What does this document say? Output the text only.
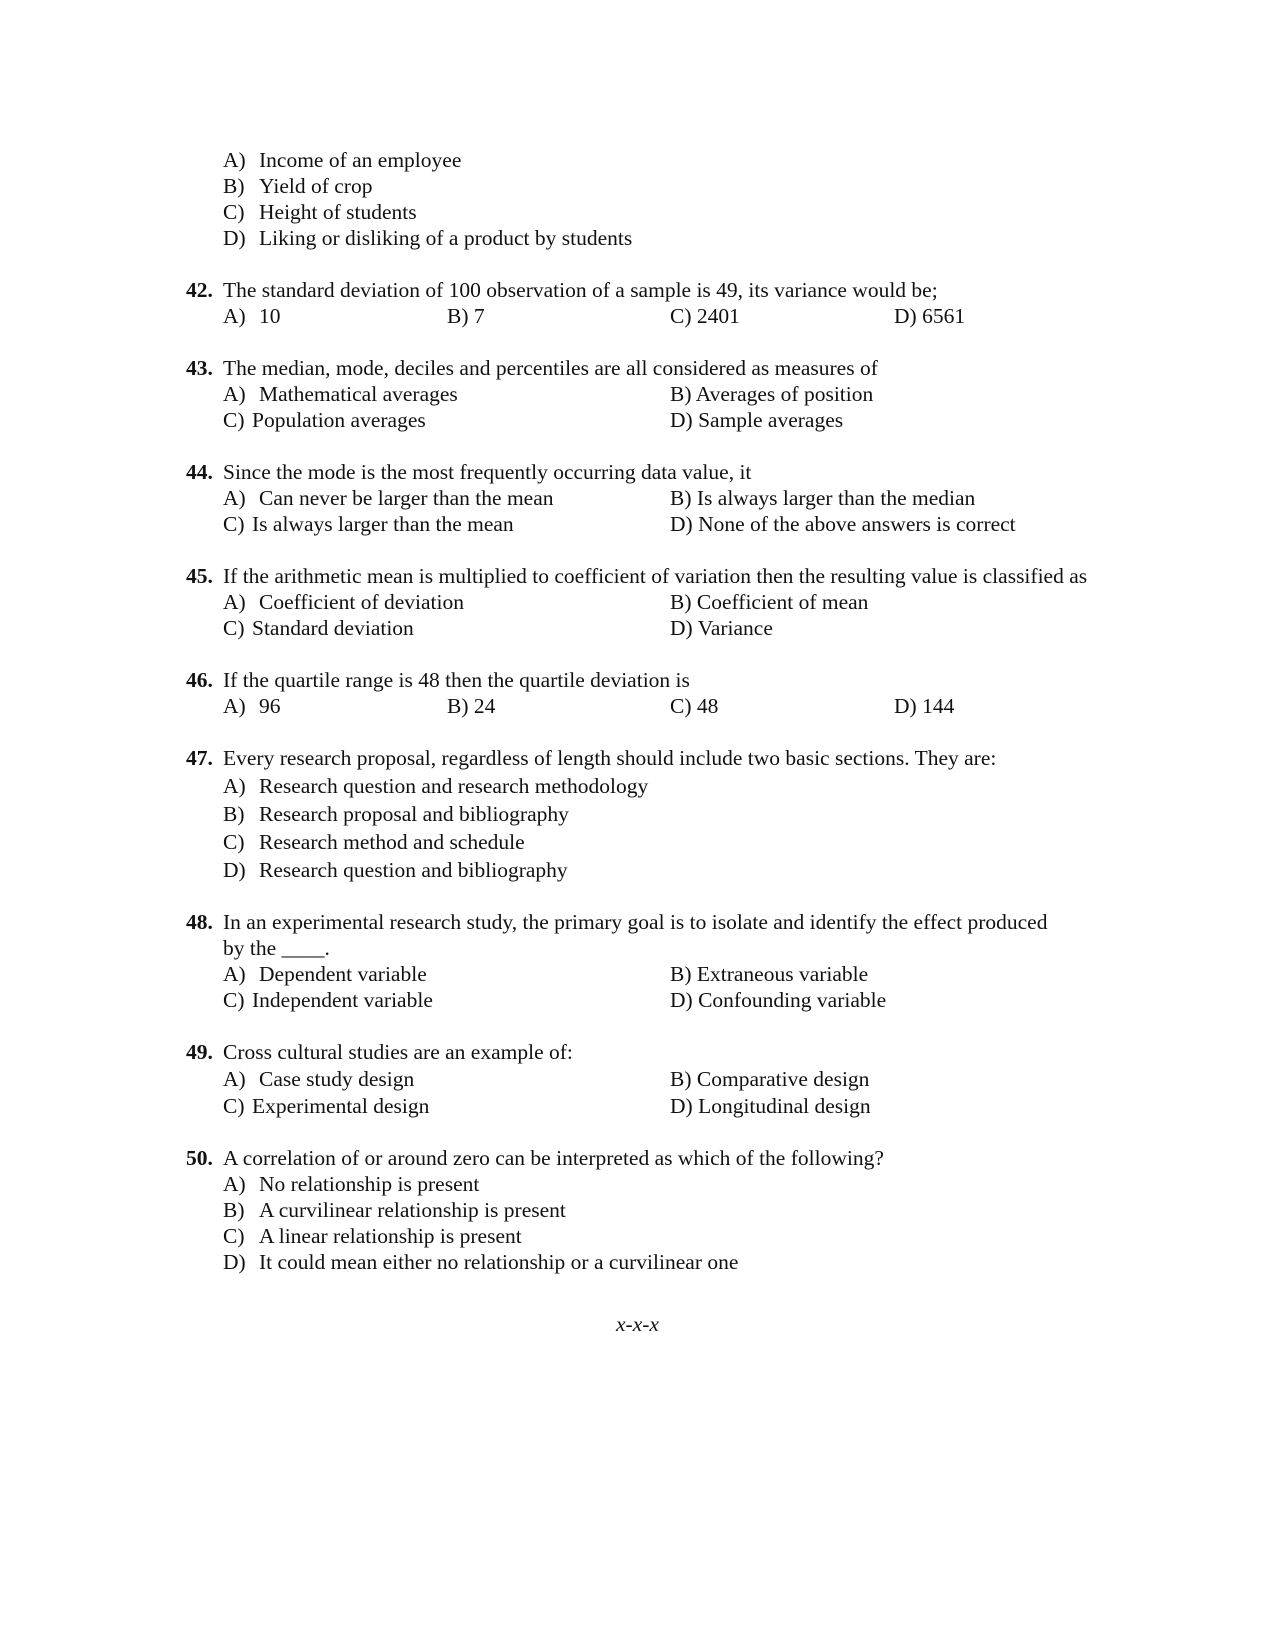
A) Income of an employee
B) Yield of crop
C) Height of students
D) Liking or disliking of a product by students
42. The standard deviation of 100 observation of a sample is 49, its variance would be;
A) 10	B) 7	C) 2401	D) 6561
43. The median, mode, deciles and percentiles are all considered as measures of
A) Mathematical averages	B) Averages of position
C) Population averages	D) Sample averages
44. Since the mode is the most frequently occurring data value, it
A) Can never be larger than the mean	B) Is always larger than the median
C) Is always larger than the mean	D) None of the above answers is correct
45. If the arithmetic mean is multiplied to coefficient of variation then the resulting value is classified as
A) Coefficient of deviation	B) Coefficient of mean
C) Standard deviation	D) Variance
46. If the quartile range is 48 then the quartile deviation is
A) 96	B) 24	C) 48	D) 144
47. Every research proposal, regardless of length should include two basic sections. They are:
A) Research question and research methodology
B) Research proposal and bibliography
C) Research method and schedule
D) Research question and bibliography
48. In an experimental research study, the primary goal is to isolate and identify the effect produced
by the ____.
A) Dependent variable	B) Extraneous variable
C) Independent variable	D) Confounding variable
49. Cross cultural studies are an example of:
A) Case study design	B) Comparative design
C) Experimental design	D) Longitudinal design
50. A correlation of or around zero can be interpreted as which of the following?
A) No relationship is present
B) A curvilinear relationship is present
C) A linear relationship is present
D) It could mean either no relationship or a curvilinear one
x-x-x
